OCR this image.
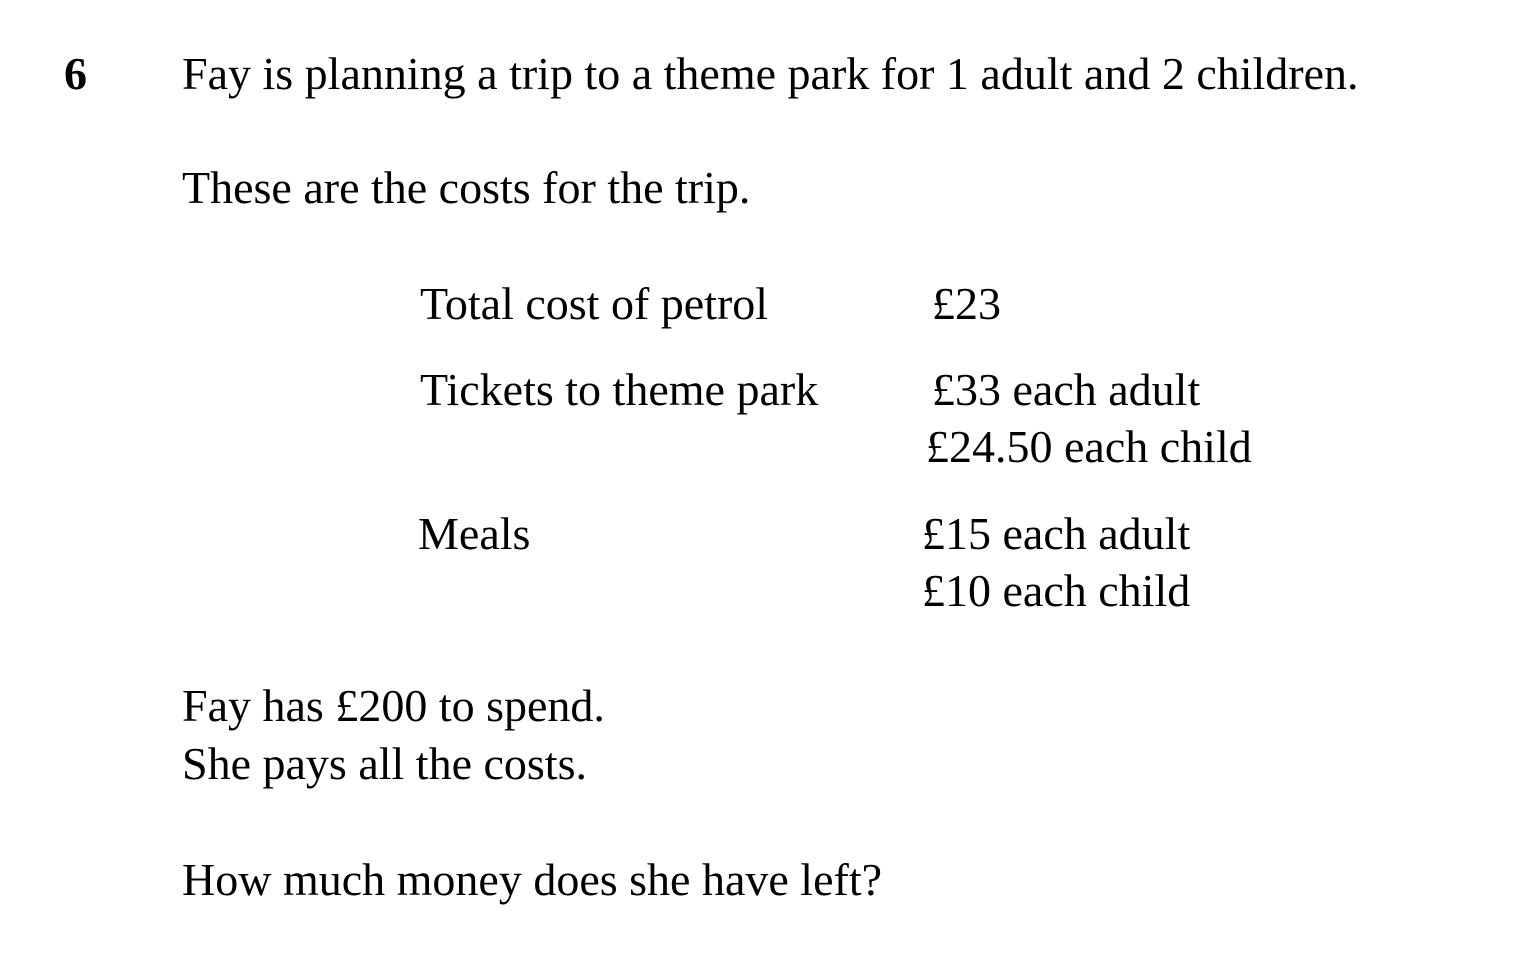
6 Fay is planning a trip to a theme park for 1 adult and 2 children.

These are the costs for the trip.

Total cost of petrol	£23

Tickets to theme park £33 each adult

£24.50 each child

Meals	£15 each adult

£10 each child

Fay has £200 to spend.

She pays all the costs.

How much money does she have left?
